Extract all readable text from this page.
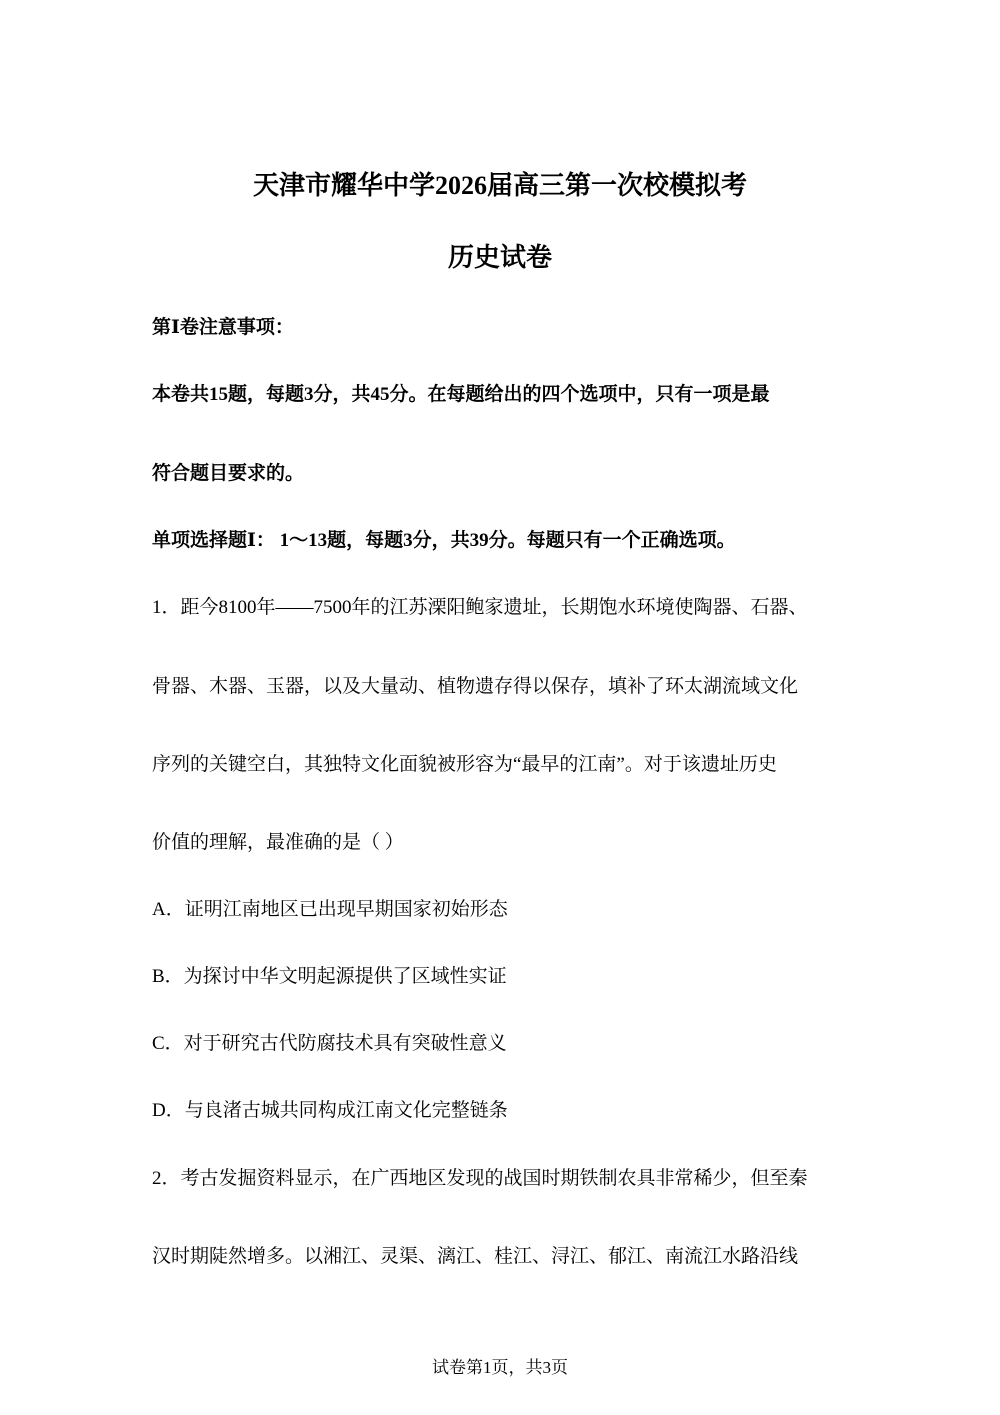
天津市耀华中学2026届高三第一次校模拟考
历史试卷
第Ⅰ卷注意事项：
本卷共15题，每题3分，共45分。在每题给出的四个选项中，只有一项是最
符合题目要求的。
单项选择题Ⅰ： 1～13题，每题3分，共39分。每题只有一个正确选项。
1．距今8100年——7500年的江苏溧阳鲍家遗址，长期饱水环境使陶器、石器、
骨器、木器、玉器，以及大量动、植物遗存得以保存，填补了环太湖流域文化
序列的关键空白，其独特文化面貌被形容为“最早的江南”。对于该遗址历史
价值的理解，最准确的是（ ）
A．证明江南地区已出现早期国家初始形态
B．为探讨中华文明起源提供了区域性实证
C．对于研究古代防腐技术具有突破性意义
D．与良渚古城共同构成江南文化完整链条
2．考古发掘资料显示，在广西地区发现的战国时期铁制农具非常稀少，但至秦
汉时期陡然增多。以湘江、灵渠、漓江、桂江、浔江、郁江、南流江水路沿线
试卷第1页，共3页
